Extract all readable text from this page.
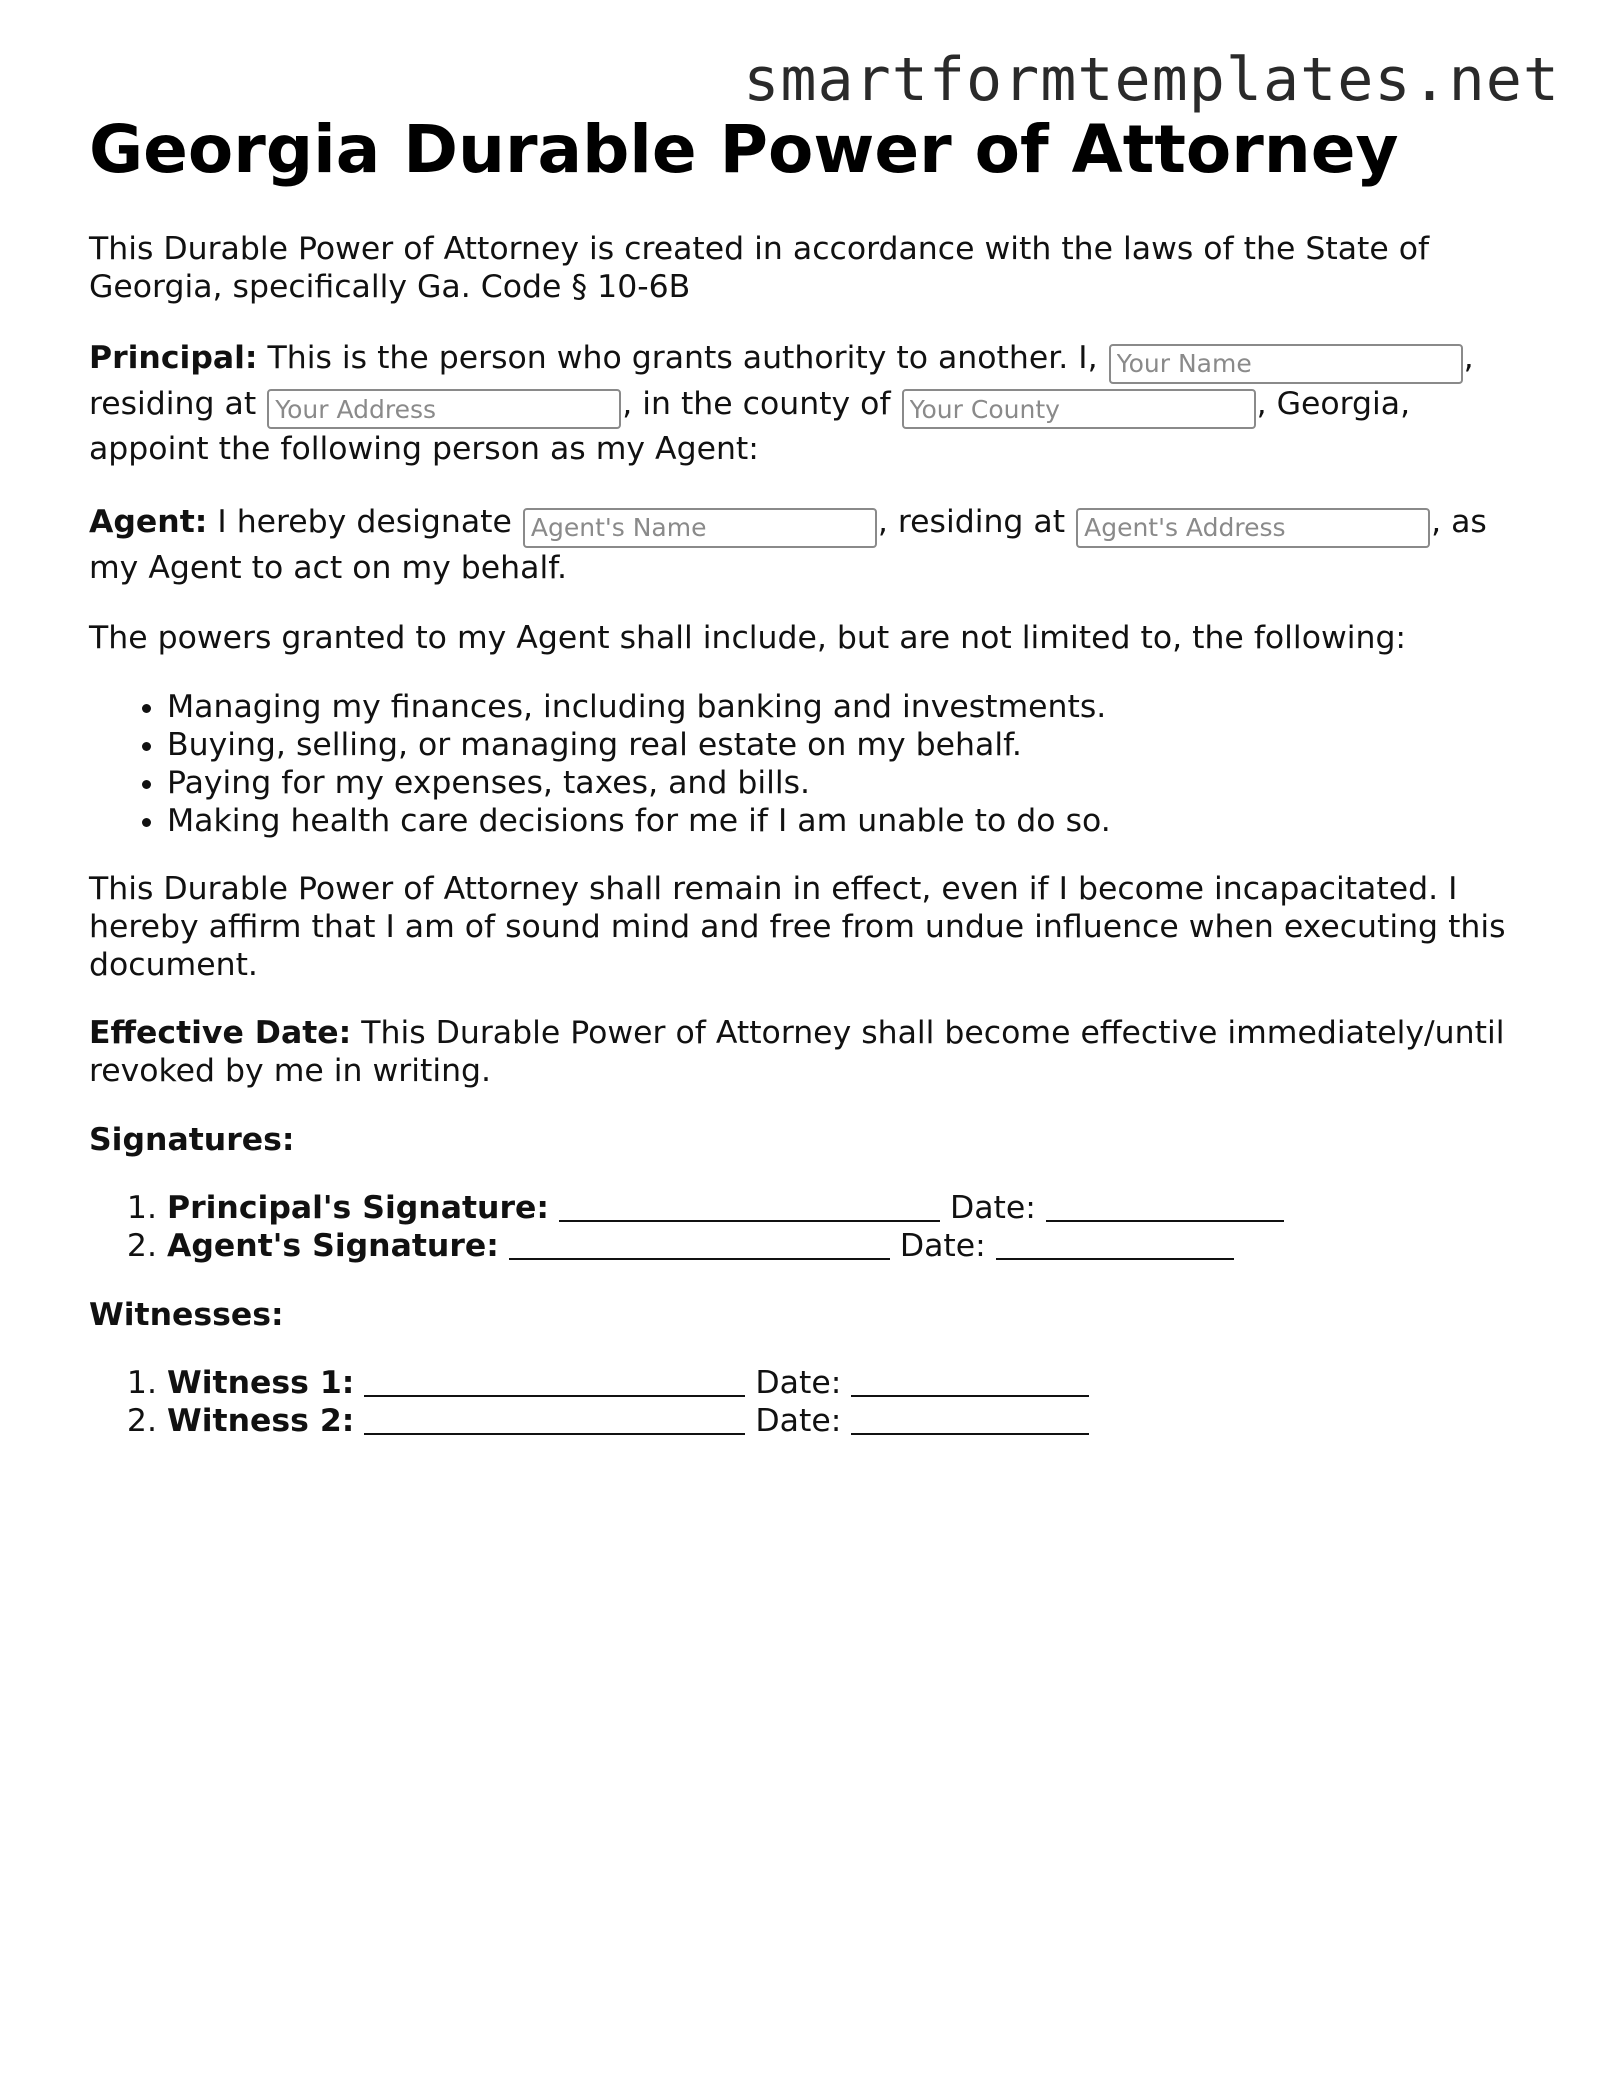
smartformtemplates.net
Georgia Durable Power of Attorney

This Durable Power of Attorney is created in accordance with the laws of the State of Georgia, specifically Ga. Code § 10-6B

Principal: This is the person who grants authority to another. I, Your Name	, residing at Your Address	, in the county of Your County	, Georgia, appoint the following person as my Agent:

Agent: I hereby designate Agent's Name	, residing at Agent's Address	, as my Agent to act on my behalf.

The powers granted to my Agent shall include, but are not limited to, the following:

• Managing my finances, including banking and investments.
• Buying, selling, or managing real estate on my behalf.
• Paying for my expenses, taxes, and bills.
• Making health care decisions for me if I am unable to do so.

This Durable Power of Attorney shall remain in effect, even if I become incapacitated. I hereby affirm that I am of sound mind and free from undue influence when executing this document.

Effective Date: This Durable Power of Attorney shall become effective immediately/until revoked by me in writing.

Signatures:

1. Principal's Signature:	Date:
2. Agent's Signature:	Date:

Witnesses:

1. Witness 1:	Date:
2. Witness 2:	Date:
